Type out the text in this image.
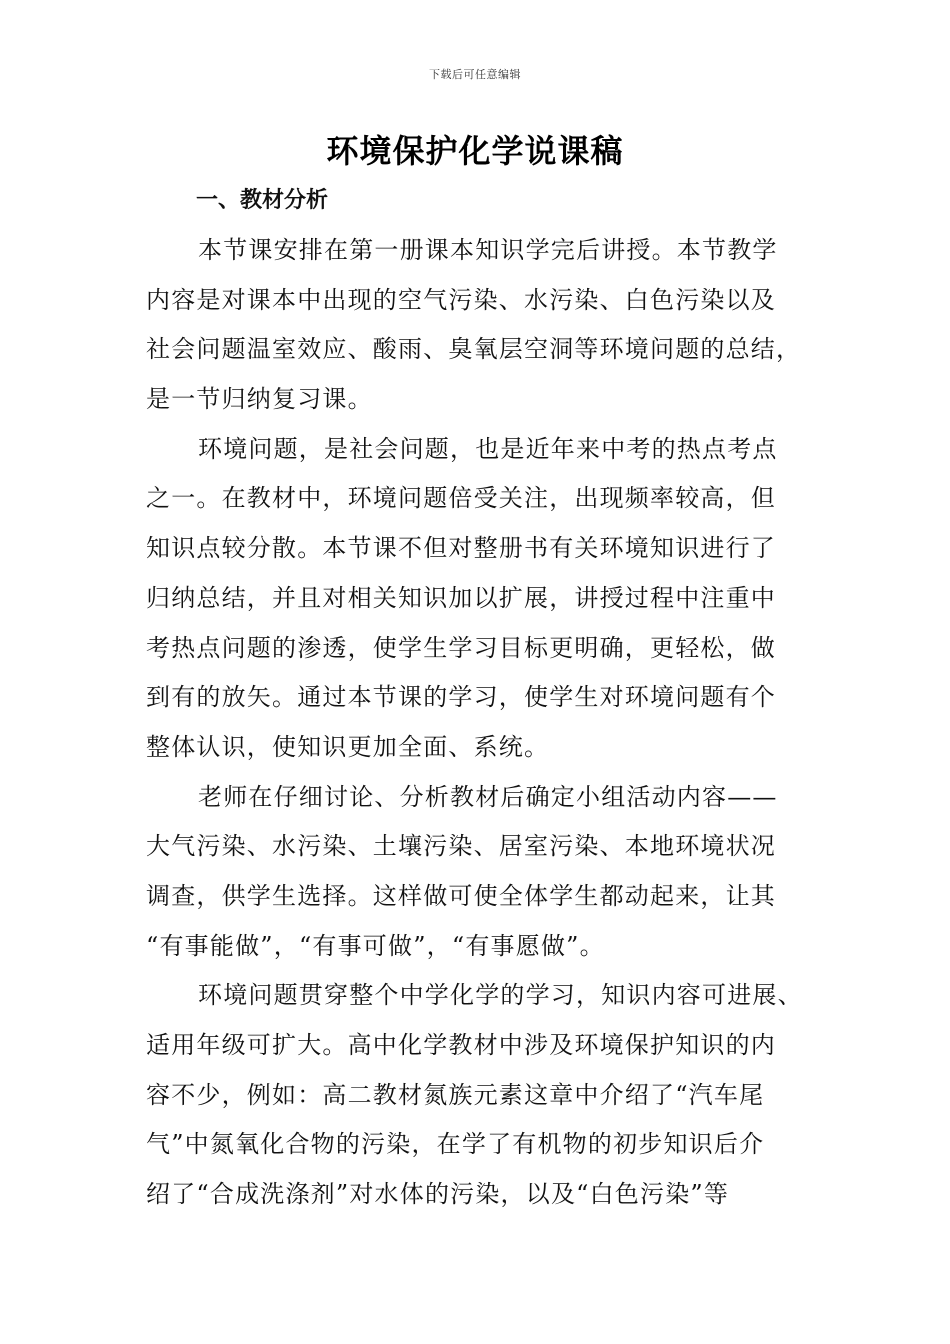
下载后可任意编辑
环境保护化学说课稿
一、教材分析
本节课安排在第一册课本知识学完后讲授。本节教学
内容是对课本中出现的空气污染、水污染、白色污染以及
社会问题温室效应、酸雨、臭氧层空洞等环境问题的总结，
是一节归纳复习课。
环境问题，是社会问题，也是近年来中考的热点考点
之一。在教材中，环境问题倍受关注，出现频率较高，但
知识点较分散。本节课不但对整册书有关环境知识进行了
归纳总结，并且对相关知识加以扩展，讲授过程中注重中
考热点问题的渗透，使学生学习目标更明确，更轻松，做
到有的放矢。通过本节课的学习，使学生对环境问题有个
整体认识，使知识更加全面、系统。
老师在仔细讨论、分析教材后确定小组活动内容——
大气污染、水污染、土壤污染、居室污染、本地环境状况
调查，供学生选择。这样做可使全体学生都动起来，让其
“有事能做”，“有事可做”，“有事愿做”。
环境问题贯穿整个中学化学的学习，知识内容可进展、
适用年级可扩大。高中化学教材中涉及环境保护知识的内
容不少，例如：高二教材氮族元素这章中介绍了“汽车尾
气”中氮氧化合物的污染，在学了有机物的初步知识后介
绍了“合成洗涤剂”对水体的污染，以及“白色污染”等
